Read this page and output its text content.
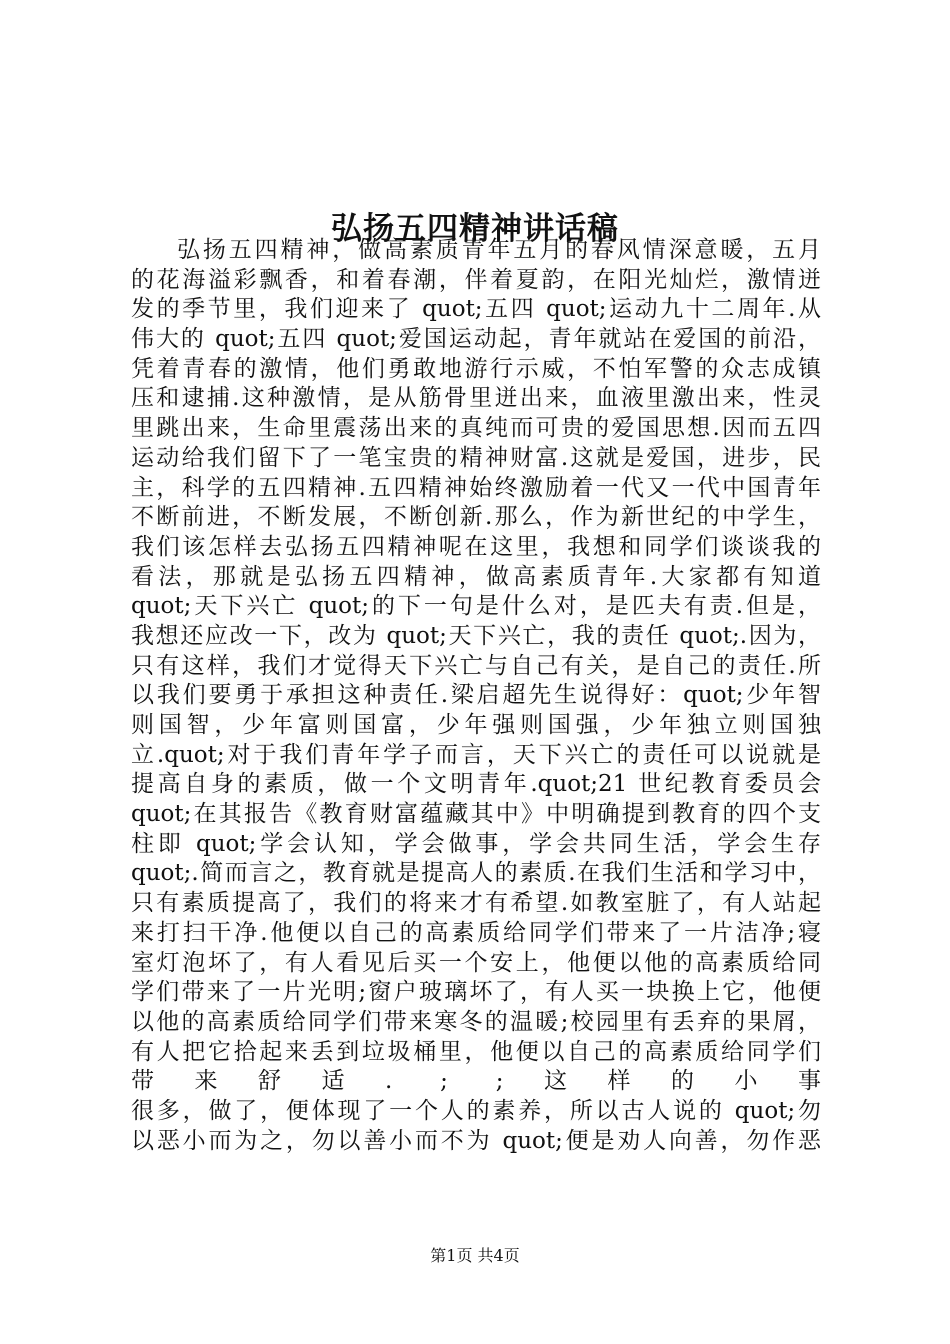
弘扬五四精神讲话稿
弘扬五四精神，做高素质青年五月的春风情深意暖，五月
的花海溢彩飘香，和着春潮，伴着夏韵，在阳光灿烂，激情迸
发的季节里，我们迎来了 quot;五四 quot;运动九十二周年.从
伟大的 quot;五四 quot;爱国运动起，青年就站在爱国的前沿，
凭着青春的激情，他们勇敢地游行示威，不怕军警的众志成镇
压和逮捕.这种激情，是从筋骨里迸出来，血液里激出来，性灵
里跳出来，生命里震荡出来的真纯而可贵的爱国思想.因而五四
运动给我们留下了一笔宝贵的精神财富.这就是爱国，进步，民
主，科学的五四精神.五四精神始终激励着一代又一代中国青年
不断前进，不断发展，不断创新.那么，作为新世纪的中学生，
我们该怎样去弘扬五四精神呢在这里，我想和同学们谈谈我的
看法，那就是弘扬五四精神，做高素质青年.大家都有知道
quot;天下兴亡 quot;的下一句是什么对，是匹夫有责.但是，
我想还应改一下，改为 quot;天下兴亡，我的责任 quot;.因为，
只有这样，我们才觉得天下兴亡与自己有关，是自己的责任.所
以我们要勇于承担这种责任.梁启超先生说得好：quot;少年智
则国智，少年富则国富，少年强则国强，少年独立则国独
立.quot;对于我们青年学子而言，天下兴亡的责任可以说就是
提高自身的素质，做一个文明青年.quot;21 世纪教育委员会
quot;在其报告《教育财富蕴藏其中》中明确提到教育的四个支
柱即 quot;学会认知，学会做事，学会共同生活，学会生存
quot;.简而言之，教育就是提高人的素质.在我们生活和学习中，
只有素质提高了，我们的将来才有希望.如教室脏了，有人站起
来打扫干净.他便以自己的高素质给同学们带来了一片洁净;寝
室灯泡坏了，有人看见后买一个安上，他便以他的高素质给同
学们带来了一片光明;窗户玻璃坏了，有人买一块换上它，他便
以他的高素质给同学们带来寒冬的温暖;校园里有丢弃的果屑，
有人把它拾起来丢到垃圾桶里，他便以自己的高素质给同学们
带来舒适. ; ;这样的小事
很多，做了，便体现了一个人的素养，所以古人说的 quot;勿
以恶小而为之，勿以善小而不为 quot;便是劝人向善，勿作恶
第1页 共4页
